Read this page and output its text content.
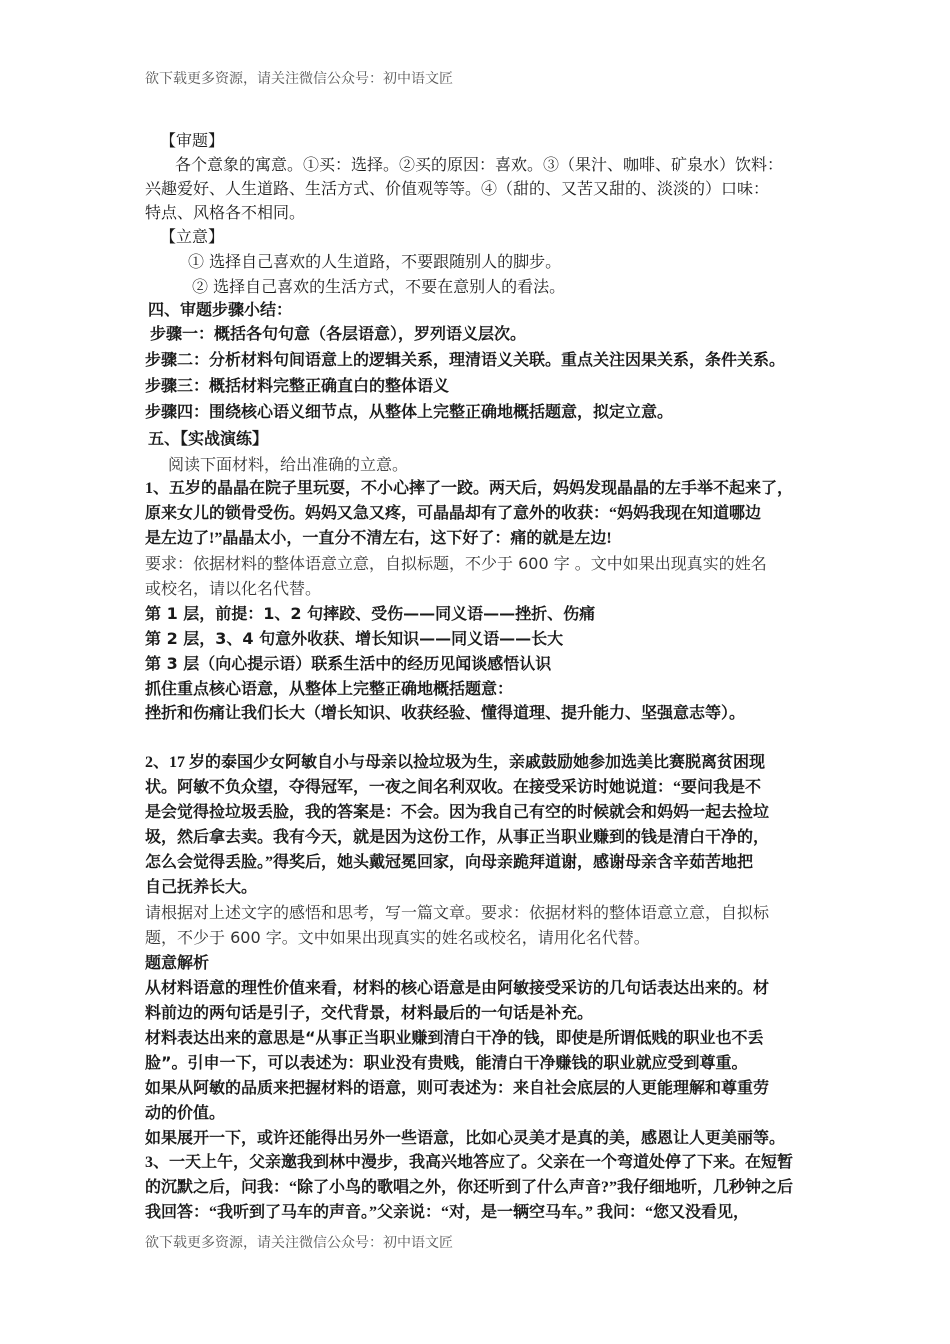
欲下载更多资源，请关注微信公众号：初中语文匠
【审题】
各个意象的寓意。①买：选择。②买的原因：喜欢。③（果汁、咖啡、矿泉水）饮料：
兴趣爱好、人生道路、生活方式、价值观等等。④（甜的、又苦又甜的、淡淡的）口味：
特点、风格各不相同。
【立意】
① 选择自己喜欢的人生道路，不要跟随别人的脚步。
② 选择自己喜欢的生活方式，不要在意别人的看法。
四、审题步骤小结：
步骤一：概括各句句意（各层语意），罗列语义层次。
步骤二：分析材料句间语意上的逻辑关系，理清语义关联。重点关注因果关系，条件关系。
步骤三：概括材料完整正确直白的整体语义
步骤四：围绕核心语义细节点，从整体上完整正确地概括题意，拟定立意。
五、【实战演练】
阅读下面材料，给出准确的立意。
1、五岁的晶晶在院子里玩耍，不小心摔了一跤。两天后，妈妈发现晶晶的左手举不起来了，
原来女儿的锁骨受伤。妈妈又急又疼，可晶晶却有了意外的收获：“妈妈我现在知道哪边
是左边了!”晶晶太小，一直分不清左右，这下好了：痛的就是左边!
要求：依据材料的整体语意立意，自拟标题，不少于 600 字 。文中如果出现真实的姓名
或校名，请以化名代替。
第 1 层，前提：1、2 句摔跤、受伤——同义语——挫折、伤痛
第 2 层，3、4 句意外收获、增长知识——同义语——长大
第 3 层（向心提示语）联系生活中的经历见闻谈感悟认识
抓住重点核心语意，从整体上完整正确地概括题意：
挫折和伤痛让我们长大（增长知识、收获经验、懂得道理、提升能力、坚强意志等）。
2、17 岁的泰国少女阿敏自小与母亲以捡垃圾为生，亲戚鼓励她参加选美比赛脱离贫困现
状。阿敏不负众望，夺得冠军，一夜之间名利双收。在接受采访时她说道：“要问我是不
是会觉得捡垃圾丢脸，我的答案是：不会。因为我自己有空的时候就会和妈妈一起去捡垃
圾，然后拿去卖。我有今天，就是因为这份工作，从事正当职业赚到的钱是清白干净的，
怎么会觉得丢脸。”得奖后，她头戴冠冕回家，向母亲跪拜道谢，感谢母亲含辛茹苦地把
自己抚养长大。
请根据对上述文字的感悟和思考，写一篇文章。要求：依据材料的整体语意立意，自拟标
题，不少于 600 字。文中如果出现真实的姓名或校名，请用化名代替。
题意解析
从材料语意的理性价值来看，材料的核心语意是由阿敏接受采访的几句话表达出来的。材
料前边的两句话是引子，交代背景，材料最后的一句话是补充。
材料表达出来的意思是“从事正当职业赚到清白干净的钱，即使是所谓低贱的职业也不丢
脸”。引申一下，可以表述为：职业没有贵贱，能清白干净赚钱的职业就应受到尊重。
如果从阿敏的品质来把握材料的语意，则可表述为：来自社会底层的人更能理解和尊重劳
动的价值。
如果展开一下，或许还能得出另外一些语意，比如心灵美才是真的美，感恩让人更美丽等。
3、一天上午，父亲邀我到林中漫步，我高兴地答应了。父亲在一个弯道处停了下来。在短暂
的沉默之后，问我：“除了小鸟的歌唱之外，你还听到了什么声音?”我仔细地听，几秒钟之后
我回答：“我听到了马车的声音。”父亲说：“对，是一辆空马车。” 我问：“您又没看见，
欲下载更多资源，请关注微信公众号：初中语文匠
